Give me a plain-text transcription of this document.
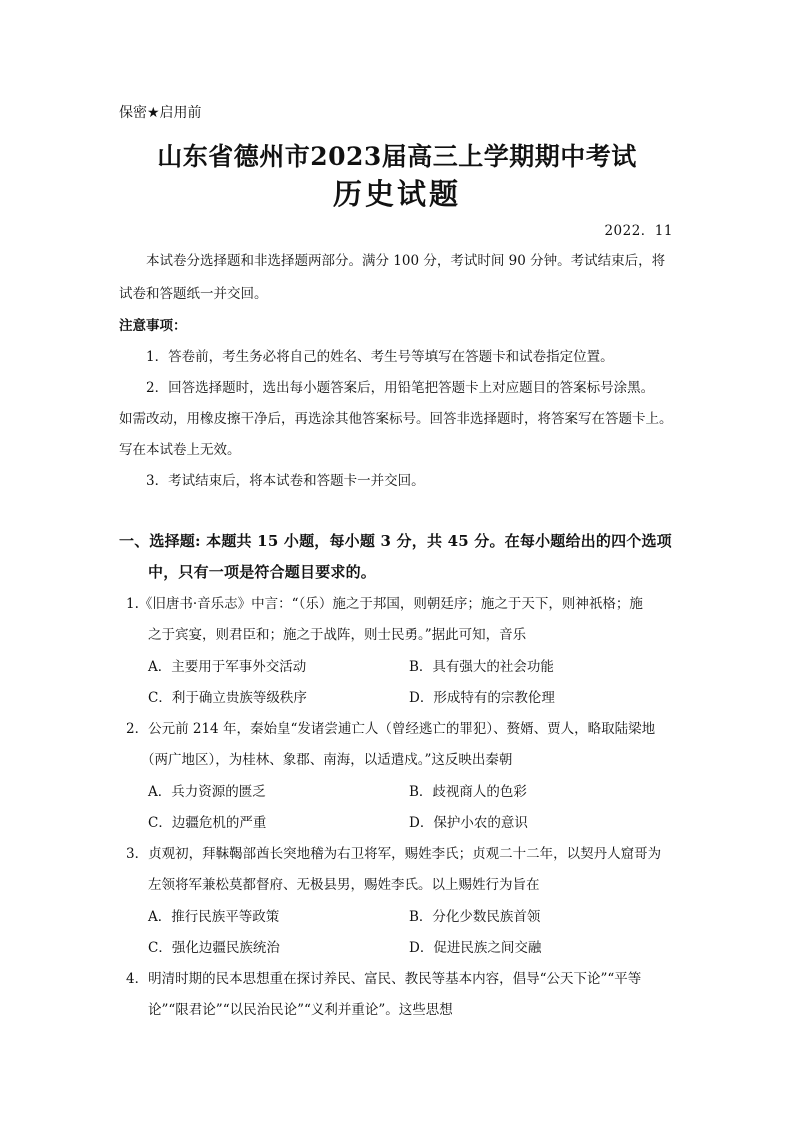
保密★启用前
山东省德州市2023届高三上学期期中考试
历史试题
2022．11
本试卷分选择题和非选择题两部分。满分 100 分，考试时间 90 分钟。考试结束后，将
试卷和答题纸一并交回。
注意事项：
1．答卷前，考生务必将自己的姓名、考生号等填写在答题卡和试卷指定位置。
2．回答选择题时，选出每小题答案后，用铅笔把答题卡上对应题目的答案标号涂黑。
如需改动，用橡皮擦干净后，再选涂其他答案标号。回答非选择题时，将答案写在答题卡上。
写在本试卷上无效。
3．考试结束后，将本试卷和答题卡一并交回。
一、选择题: 本题共 15 小题，每小题 3 分，共 45 分。在每小题给出的四个选项
中，只有一项是符合题目要求的。
1.《旧唐书·音乐志》中言：“（乐）施之于邦国，则朝廷序；施之于天下，则神祇格；施
之于宾宴，则君臣和；施之于战阵，则士民勇。”据此可知，音乐
A．主要用于军事外交活动	B．具有强大的社会功能
C．利于确立贵族等级秩序	D．形成特有的宗教伦理
2．公元前 214 年，秦始皇“发诸尝逋亡人（曾经逃亡的罪犯）、赘婿、贾人，略取陆梁地
（两广地区），为桂林、象郡、南海，以适遣戍。”这反映出秦朝
A．兵力资源的匮乏	B．歧视商人的色彩
C．边疆危机的严重	D．保护小农的意识
3．贞观初，拜靺鞨部酋长突地稽为右卫将军，赐姓李氏；贞观二十二年，以契丹人窟哥为
左领将军兼松莫都督府、无极县男，赐姓李氏。以上赐姓行为旨在
A．推行民族平等政策	B．分化少数民族首领
C．强化边疆民族统治	D．促进民族之间交融
4．明清时期的民本思想重在探讨养民、富民、教民等基本内容，倡导“公天下论”“平等
论”“限君论”“以民治民论”“义利并重论”。这些思想
